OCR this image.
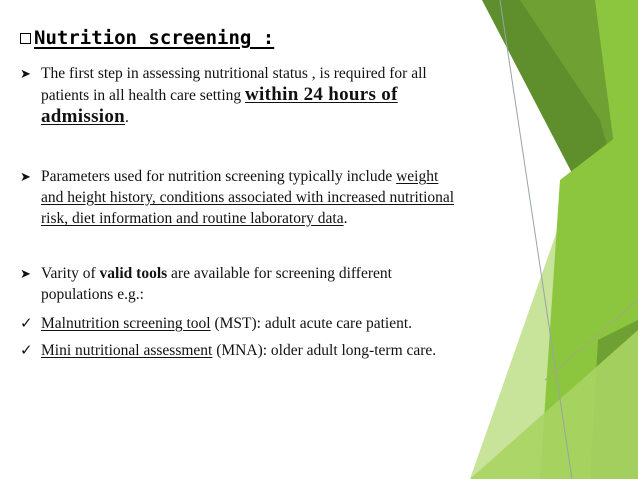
Nutrition screening :
➤ The first step in assessing nutritional status , is required for all
patients in all health care setting within 24 hours of
admission.
➤ Parameters used for nutrition screening typically include weight
and height history, conditions associated with increased nutritional
risk, diet information and routine laboratory data.
➤ Varity of valid tools are available for screening different
populations e.g.:
✓ Malnutrition screening tool (MST): adult acute care patient.
✓ Mini nutritional assessment (MNA): older adult long-term care.
